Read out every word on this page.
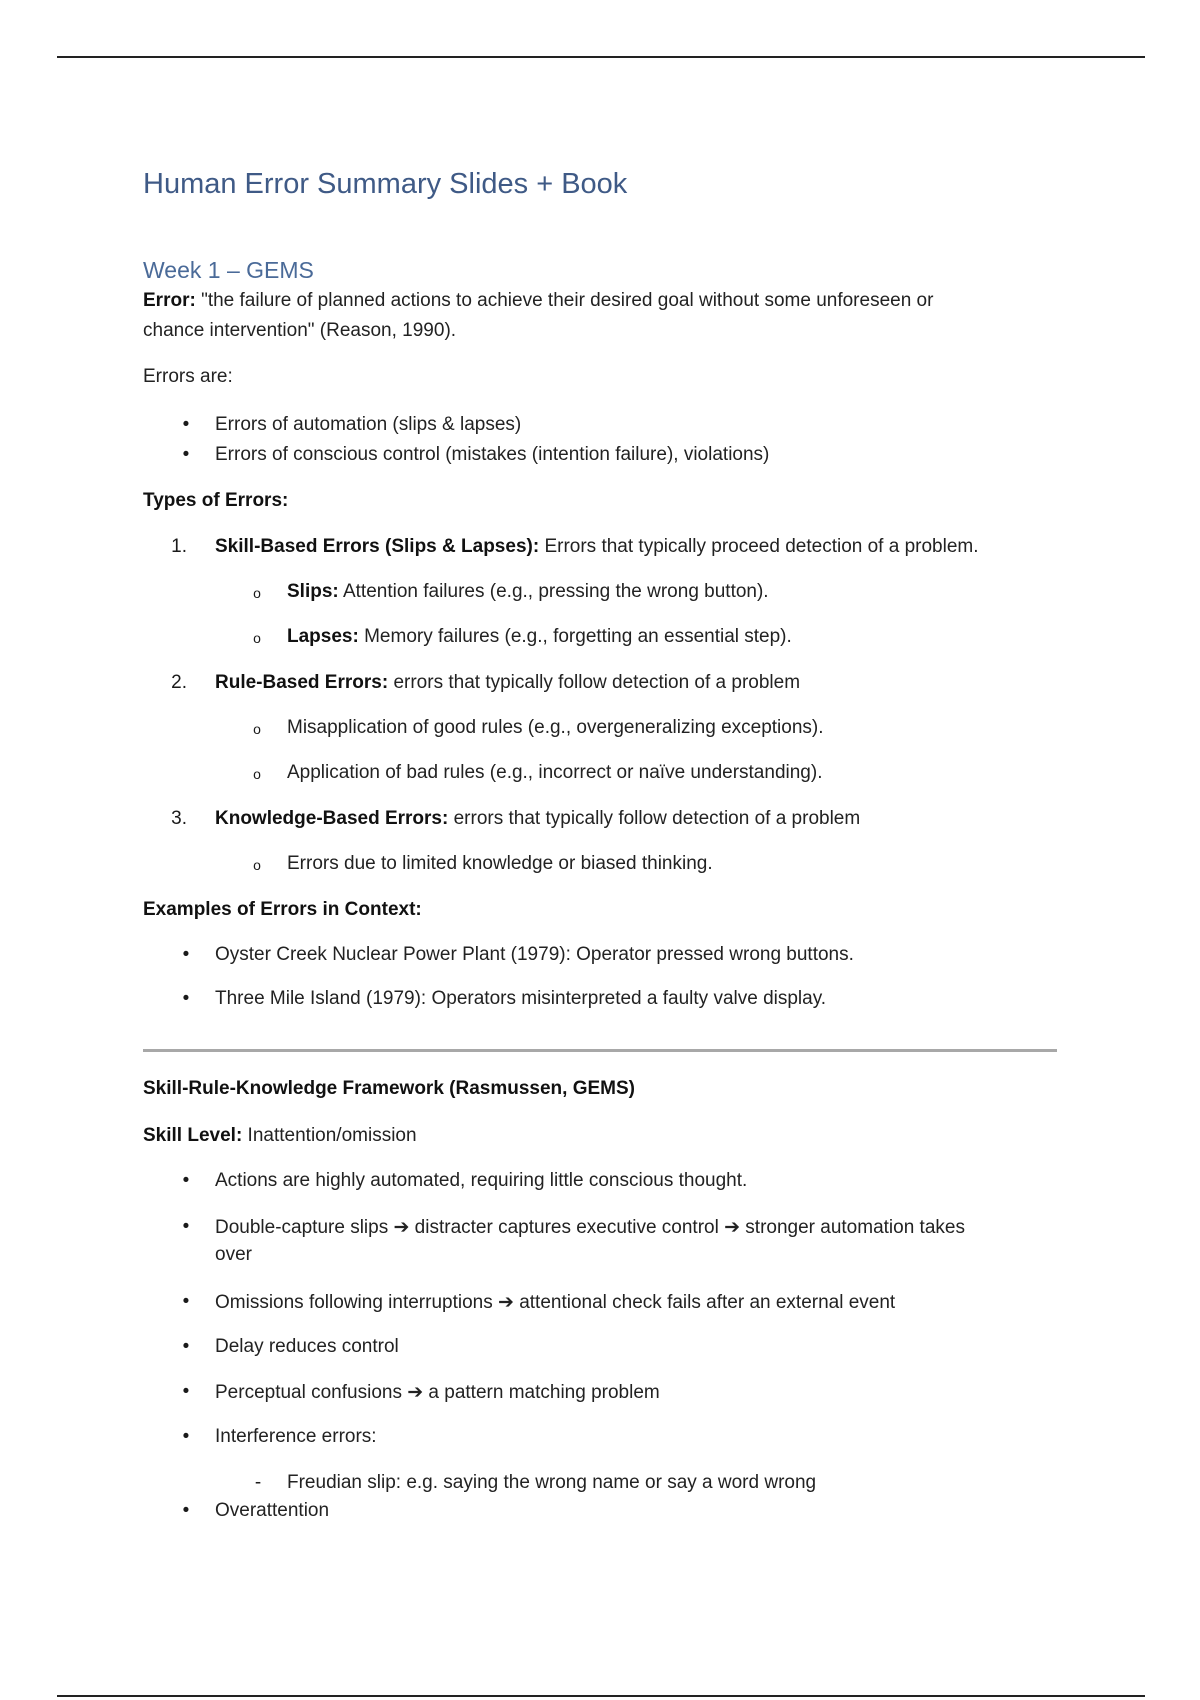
Human Error Summary Slides + Book
Week 1 – GEMS
Error: "the failure of planned actions to achieve their desired goal without some unforeseen or
chance intervention" (Reason, 1990).
Errors are:
•	Errors of automation (slips & lapses)
•	Errors of conscious control (mistakes (intention failure), violations)
Types of Errors:
1. Skill-Based Errors (Slips & Lapses): Errors that typically proceed detection of a problem.
o	Slips: Attention failures (e.g., pressing the wrong button).
o	Lapses: Memory failures (e.g., forgetting an essential step).
2. Rule-Based Errors: errors that typically follow detection of a problem
o	Misapplication of good rules (e.g., overgeneralizing exceptions).
o	Application of bad rules (e.g., incorrect or naïve understanding).
3. Knowledge-Based Errors: errors that typically follow detection of a problem
o	Errors due to limited knowledge or biased thinking.
Examples of Errors in Context:
•	Oyster Creek Nuclear Power Plant (1979): Operator pressed wrong buttons.
•	Three Mile Island (1979): Operators misinterpreted a faulty valve display.
Skill-Rule-Knowledge Framework (Rasmussen, GEMS)
Skill Level: Inattention/omission
•	Actions are highly automated, requiring little conscious thought.
•	Double-capture slips ➔ distracter captures executive control ➔ stronger automation takes
over
•	Omissions following interruptions ➔ attentional check fails after an external event
•	Delay reduces control
•	Perceptual confusions ➔ a pattern matching problem
•	Interference errors:
-	Freudian slip: e.g. saying the wrong name or say a word wrong
•	Overattention
